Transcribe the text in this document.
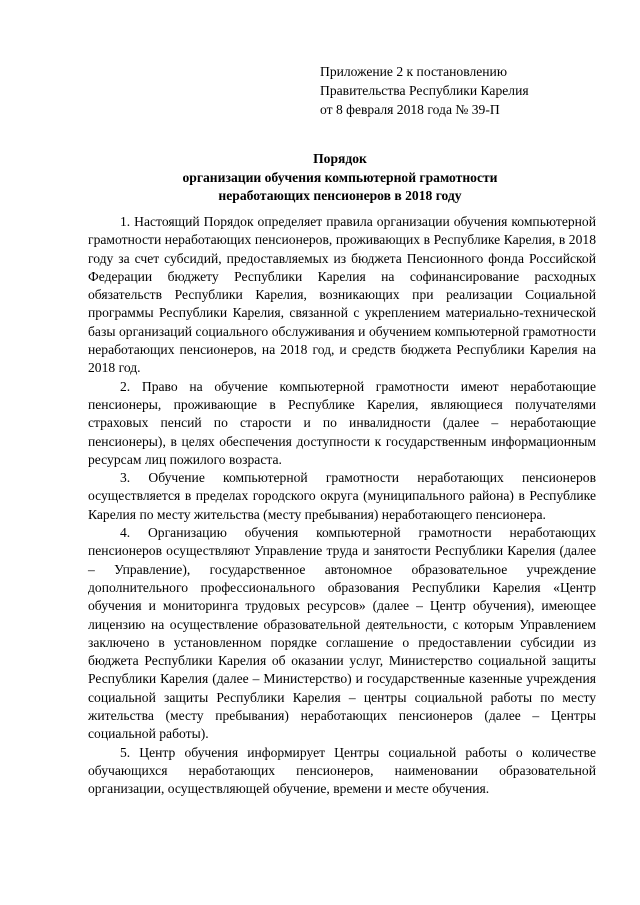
Приложение 2 к постановлению
Правительства Республики Карелия
от 8 февраля 2018 года № 39-П
Порядок
организации обучения компьютерной грамотности
неработающих пенсионеров в 2018 году

1. Настоящий Порядок определяет правила организации обучения компьютерной грамотности неработающих пенсионеров, проживающих в Республике Карелия, в 2018 году за счет субсидий, предоставляемых из бюджета Пенсионного фонда Российской Федерации бюджету Республики Карелия на софинансирование расходных обязательств Республики Карелия, возникающих при реализации Социальной программы Республики Карелия, связанной с укреплением материально-технической базы организаций социального обслуживания и обучением компьютерной грамотности неработающих пенсионеров, на 2018 год, и средств бюджета Республики Карелия на 2018 год.

2. Право на обучение компьютерной грамотности имеют неработающие пенсионеры, проживающие в Республике Карелия, являющиеся получателями страховых пенсий по старости и по инвалидности (далее – неработающие пенсионеры), в целях обеспечения доступности к государственным информационным ресурсам лиц пожилого возраста.

3. Обучение компьютерной грамотности неработающих пенсионеров осуществляется в пределах городского округа (муниципального района) в Республике Карелия по месту жительства (месту пребывания) неработающего пенсионера.

4. Организацию обучения компьютерной грамотности неработающих пенсионеров осуществляют Управление труда и занятости Республики Карелия (далее – Управление), государственное автономное образовательное учреждение дополнительного профессионального образования Республики Карелия «Центр обучения и мониторинга трудовых ресурсов» (далее – Центр обучения), имеющее лицензию на осуществление образовательной деятельности, с которым Управлением заключено в установленном порядке соглашение о предоставлении субсидии из бюджета Республики Карелия об оказании услуг, Министерство социальной защиты Республики Карелия (далее – Министерство) и государственные казенные учреждения социальной защиты Республики Карелия – центры социальной работы по месту жительства (месту пребывания) неработающих пенсионеров (далее – Центры социальной работы).

5. Центр обучения информирует Центры социальной работы о количестве обучающихся неработающих пенсионеров, наименовании образовательной организации, осуществляющей обучение, времени и месте обучения.
